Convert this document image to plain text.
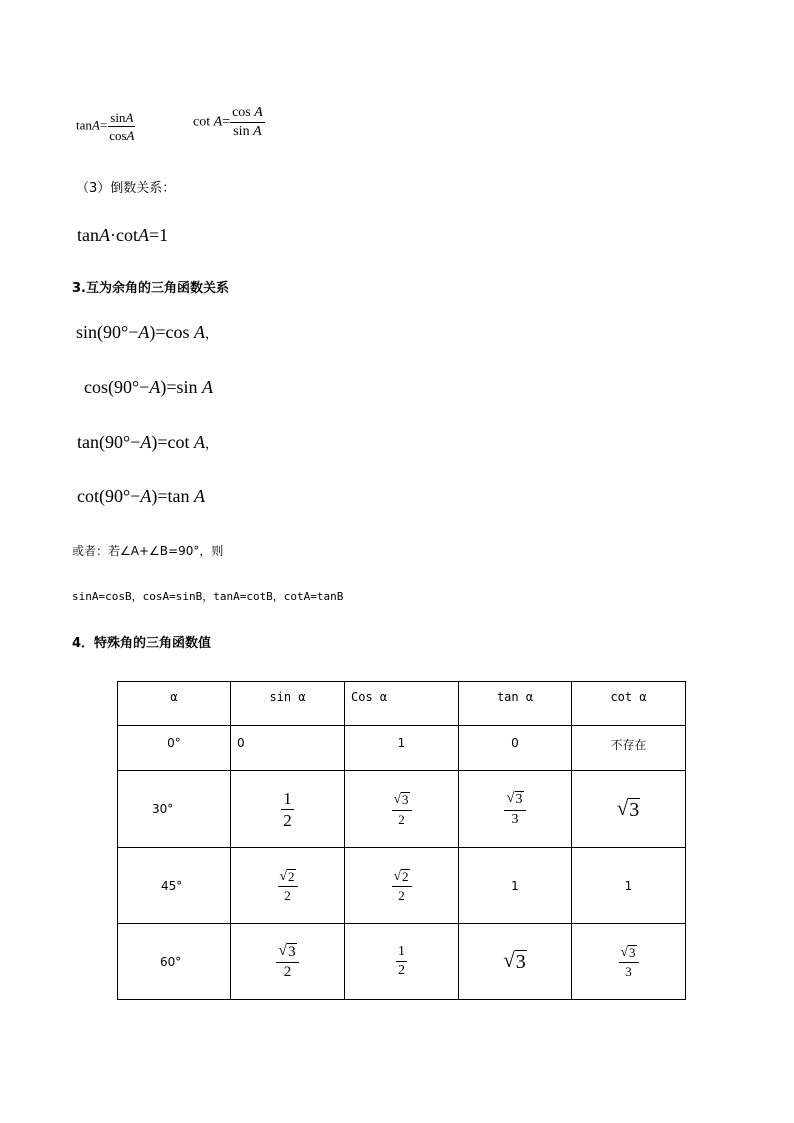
$\tan A= \frac{\sin A}{\cos A}$	$\cot A= \frac{\text{cos A}}{\text{sin A}}$
（3）倒数关系：
tanA·cotA=1
3.互为余角的三角函数关系
sin(90°−A)=cos A，
cos(90°−A)=sin A
tan(90°−A)=cot A，
cot(90°−A)=tan A
或者：若∠A+∠B=90°，则
sinA=cosB，cosA=sinB，tanA=cotB，cotA=tanB
4．特殊角的三角函数值
α	sin α	Cos α	tan α	cot α
0°	0	1	0	不存在
30°	$\frac{1}{2}$	$\frac{√ 3}{2}$	$\frac{√ 3}{3}$	√ 3

45°	$\frac{√ 2}{2}$	$\frac{√ 2}{2}$	1	1
60°	$\frac{√ 3}{2}$	$\frac{1}{2}$	√ 3	$\frac{√ 3}{3}$
